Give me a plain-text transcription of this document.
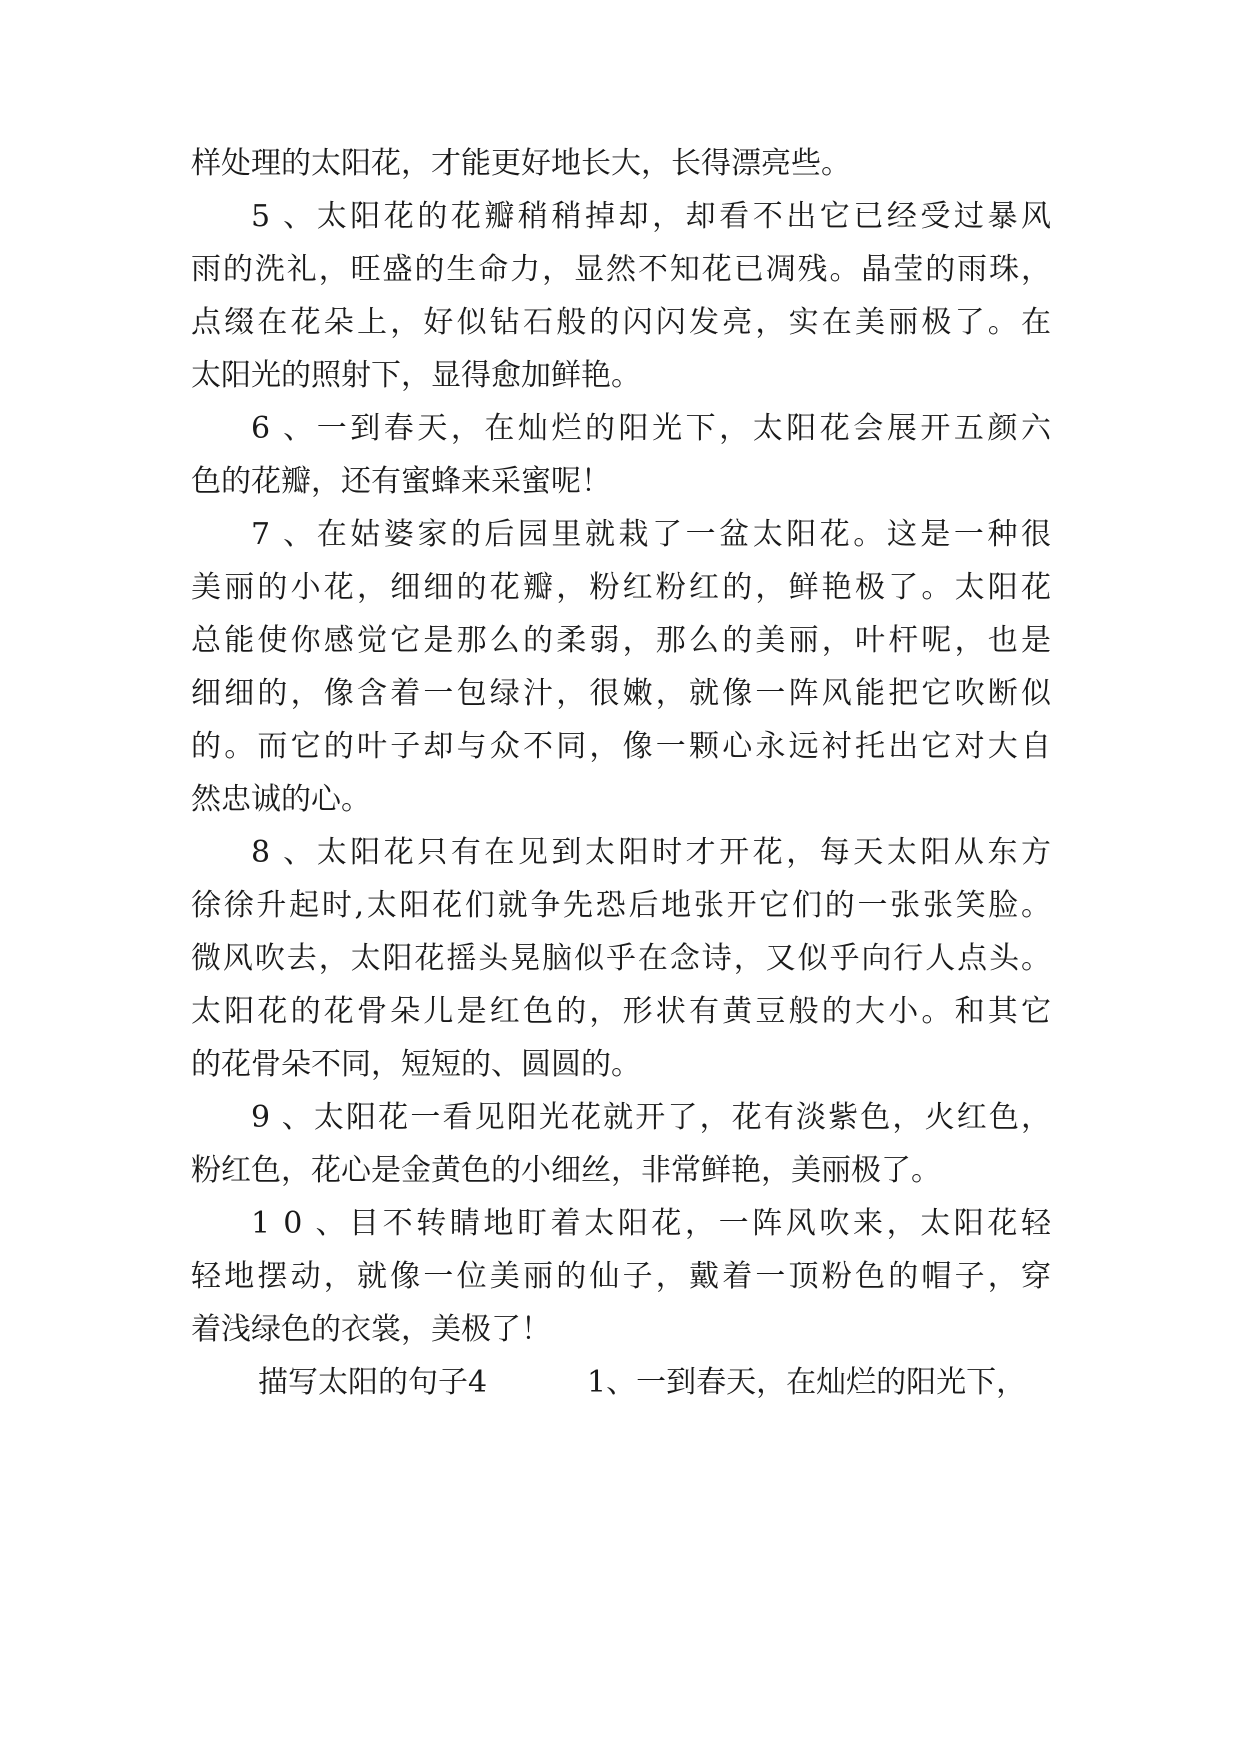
样处理的太阳花，才能更好地长大，长得漂亮些。
5 、太阳花的花瓣稍稍掉却，却看不出它已经受过暴风
雨的洗礼，旺盛的生命力，显然不知花已凋残。晶莹的雨珠，
点缀在花朵上，好似钻石般的闪闪发亮，实在美丽极了。在
太阳光的照射下，显得愈加鲜艳。
6 、一到春天，在灿烂的阳光下，太阳花会展开五颜六
色的花瓣，还有蜜蜂来采蜜呢！
7 、在姑婆家的后园里就栽了一盆太阳花。这是一种很
美丽的小花，细细的花瓣，粉红粉红的，鲜艳极了。太阳花
总能使你感觉它是那么的柔弱，那么的美丽，叶杆呢，也是
细细的，像含着一包绿汁，很嫩，就像一阵风能把它吹断似
的。而它的叶子却与众不同，像一颗心永远衬托出它对大自
然忠诚的心。
8 、太阳花只有在见到太阳时才开花，每天太阳从东方
徐徐升起时,太阳花们就争先恐后地张开它们的一张张笑脸。
微风吹去，太阳花摇头晃脑似乎在念诗，又似乎向行人点头。
太阳花的花骨朵儿是红色的，形状有黄豆般的大小。和其它
的花骨朵不同，短短的、圆圆的。
9 、太阳花一看见阳光花就开了，花有淡紫色，火红色，
粉红色，花心是金黄色的小细丝，非常鲜艳，美丽极了。
1 0 、目不转睛地盯着太阳花，一阵风吹来，太阳花轻
轻地摆动，就像一位美丽的仙子，戴着一顶粉色的帽子，穿
着浅绿色的衣裳，美极了！
描写太阳的句子4	1、一到春天，在灿烂的阳光下，
